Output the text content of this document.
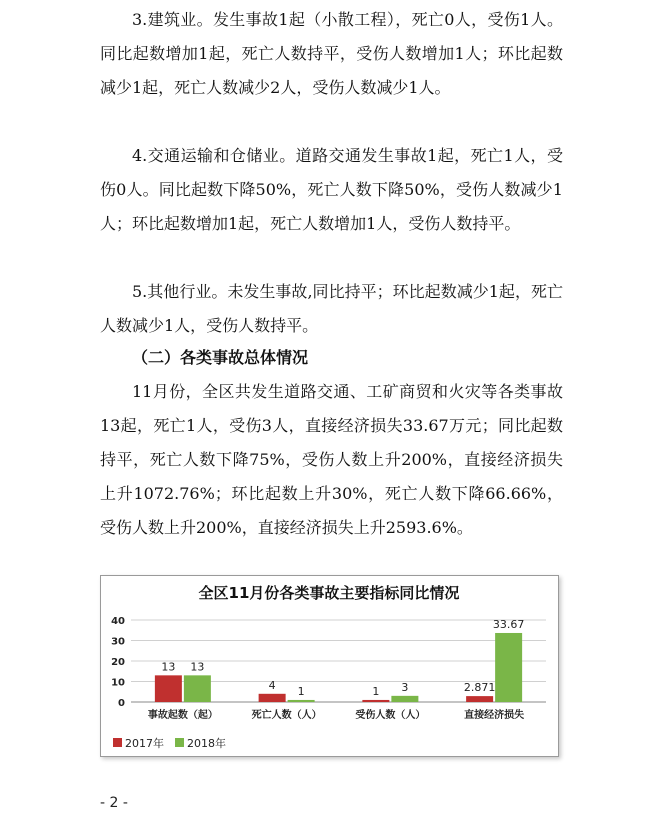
3.建筑业。发生事故1起（小散工程），死亡0人，受伤1人。同比起数增加1起，死亡人数持平，受伤人数增加1人；环比起数减少1起，死亡人数减少2人，受伤人数减少1人。

4.交通运输和仓储业。道路交通发生事故1起，死亡1人，受伤0人。同比起数下降50%，死亡人数下降50%，受伤人数减少1人；环比起数增加1起，死亡人数增加1人，受伤人数持平。

5.其他行业。未发生事故,同比持平；环比起数减少1起，死亡人数减少1人，受伤人数持平。

（二）各类事故总体情况

11月份，全区共发生道路交通、工矿商贸和火灾等各类事故13起，死亡1人，受伤3人，直接经济损失33.67万元；同比起数持平，死亡人数下降75%，受伤人数上升200%，直接经济损失上升1072.76%；环比起数上升30%，死亡人数下降66.66%，受伤人数上升200%，直接经济损失上升2593.6%。

全区11月份各类事故主要指标同比情况
13 13
4 1	1 3	2.871
33.67
0
10
20
30
40
事故起数（起）	死亡人数（人）	受伤人数（人）	直接经济损失
2017年 2018年
- 2 -
